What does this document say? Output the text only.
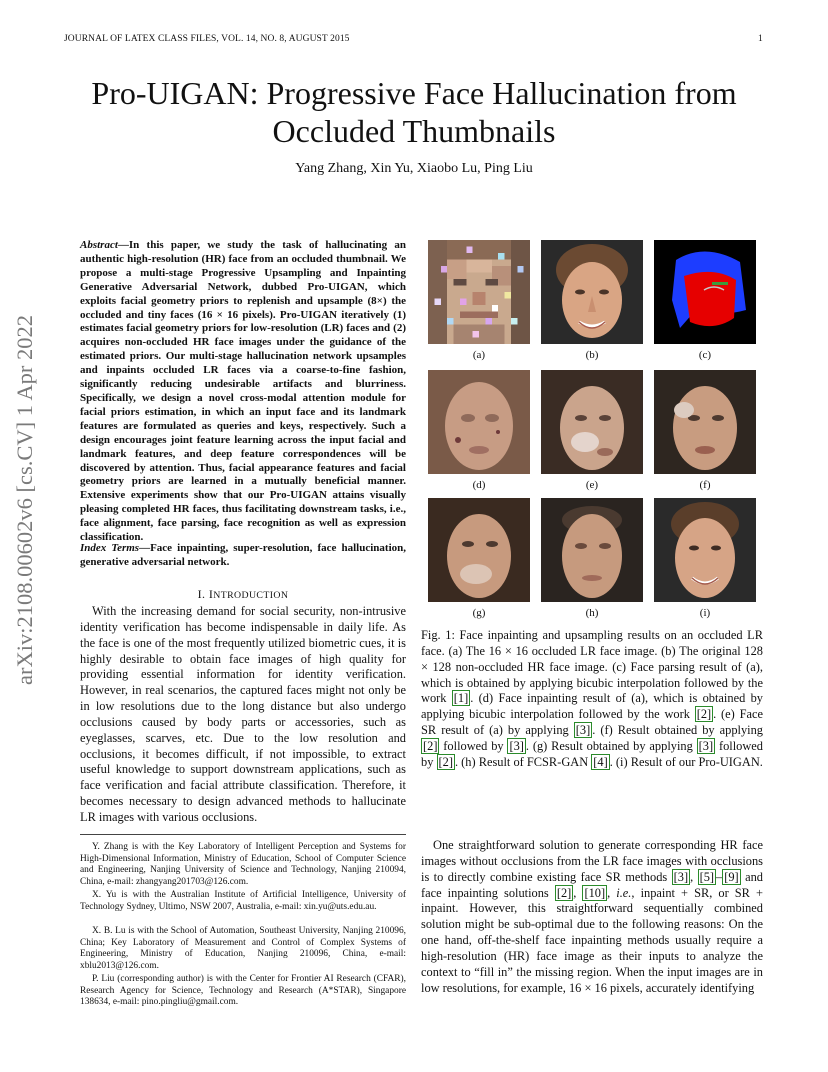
JOURNAL OF LATEX CLASS FILES, VOL. 14, NO. 8, AUGUST 2015	1
Pro-UIGAN: Progressive Face Hallucination from Occluded Thumbnails
Yang Zhang, Xin Yu, Xiaobo Lu, Ping Liu
arXiv:2108.00602v6 [cs.CV] 1 Apr 2022
Abstract—In this paper, we study the task of hallucinating an authentic high-resolution (HR) face from an occluded thumbnail. We propose a multi-stage Progressive Upsampling and Inpainting Generative Adversarial Network, dubbed Pro-UIGAN, which exploits facial geometry priors to replenish and upsample (8×) the occluded and tiny faces (16 × 16 pixels). Pro-UIGAN iteratively (1) estimates facial geometry priors for low-resolution (LR) faces and (2) acquires non-occluded HR face images under the guidance of the estimated priors. Our multi-stage hallucination network upsamples and inpaints occluded LR faces via a coarse-to-fine fashion, significantly reducing undesirable artifacts and blurriness. Specifically, we design a novel cross-modal attention module for facial priors estimation, in which an input face and its landmark features are formulated as queries and keys, respectively. Such a design encourages joint feature learning across the input facial and landmark features, and deep feature correspondences will be discovered by attention. Thus, facial appearance features and facial geometry priors are learned in a mutually beneficial manner. Extensive experiments show that our Pro-UIGAN attains visually pleasing completed HR faces, thus facilitating downstream tasks, i.e., face alignment, face parsing, face recognition as well as expression classification.
Index Terms—Face inpainting, super-resolution, face hallucination, generative adversarial network.
I. INTRODUCTION
With the increasing demand for social security, non-intrusive identity verification has become indispensable in daily life. As the face is one of the most frequently utilized biometric cues, it is highly desirable to obtain face images of high quality for providing essential information for identity verification. However, in real scenarios, the captured faces might not only be in low resolutions due to the long distance but also undergo occlusions caused by body parts or accessories, such as eyeglasses, scarves, etc. Due to the low resolution and occlusions, it becomes difficult, if not impossible, to extract useful knowledge to support downstream applications, such as face verification and facial attribute classification. Therefore, it becomes necessary to design advanced methods to hallucinate LR images with various occlusions.
Y. Zhang is with the Key Laboratory of Intelligent Perception and Systems for High-Dimensional Information, Ministry of Education, School of Computer Science and Engineering, Nanjing University of Science and Technology, Nanjing 210094, China, e-mail: zhangyang201703@126.com.
X. Yu is with the Australian Institute of Artificial Intelligence, University of Technology Sydney, Ultimo, NSW 2007, Australia, e-mail: xin.yu@uts.edu.au.
X. B. Lu is with the School of Automation, Southeast University, Nanjing 210096, China; Key Laboratory of Measurement and Control of Complex Systems of Engineering, Ministry of Education, Nanjing 210096, China, e-mail: xblu2013@126.com.
P. Liu (corresponding author) is with the Center for Frontier AI Research (CFAR), Research Agency for Science, Technology and Research (A*STAR), Singapore 138634, e-mail: pino.pingliu@gmail.com.
(a)	(b)	(c)
(d)	(e)	(f)
(g)	(h)	(i)
Fig. 1: Face inpainting and upsampling results on an occluded LR face. (a) The 16 × 16 occluded LR face image. (b) The original 128 × 128 non-occluded HR face image. (c) Face parsing result of (a), which is obtained by applying bicubic interpolation followed by the work [1] . (d) Face inpainting result of (a), which is obtained by applying bicubic interpolation followed by the work [2] . (e) Face SR result of (a) by applying [3] . (f) Result obtained by applying [2] followed by [3] . (g) Result obtained by applying [3] followed by [2] . (h) Result of FCSR-GAN [4] . (i) Result of our Pro-UIGAN.
One straightforward solution to generate corresponding HR face images without occlusions from the LR face images with occlusions is to directly combine existing face SR methods [3] , [5] – [9] and face inpainting solutions [2] , [10] , i.e., inpaint + SR, or SR + inpaint. However, this straightforward sequentially combined solution might be sub-optimal due to the following reasons: On the one hand, off-the-shelf face inpainting methods usually require a high-resolution (HR) face image as their inputs to analyze the context to “fill in” the missing region. When the input images are in low resolutions, for example, 16 × 16 pixels, accurately identifying
